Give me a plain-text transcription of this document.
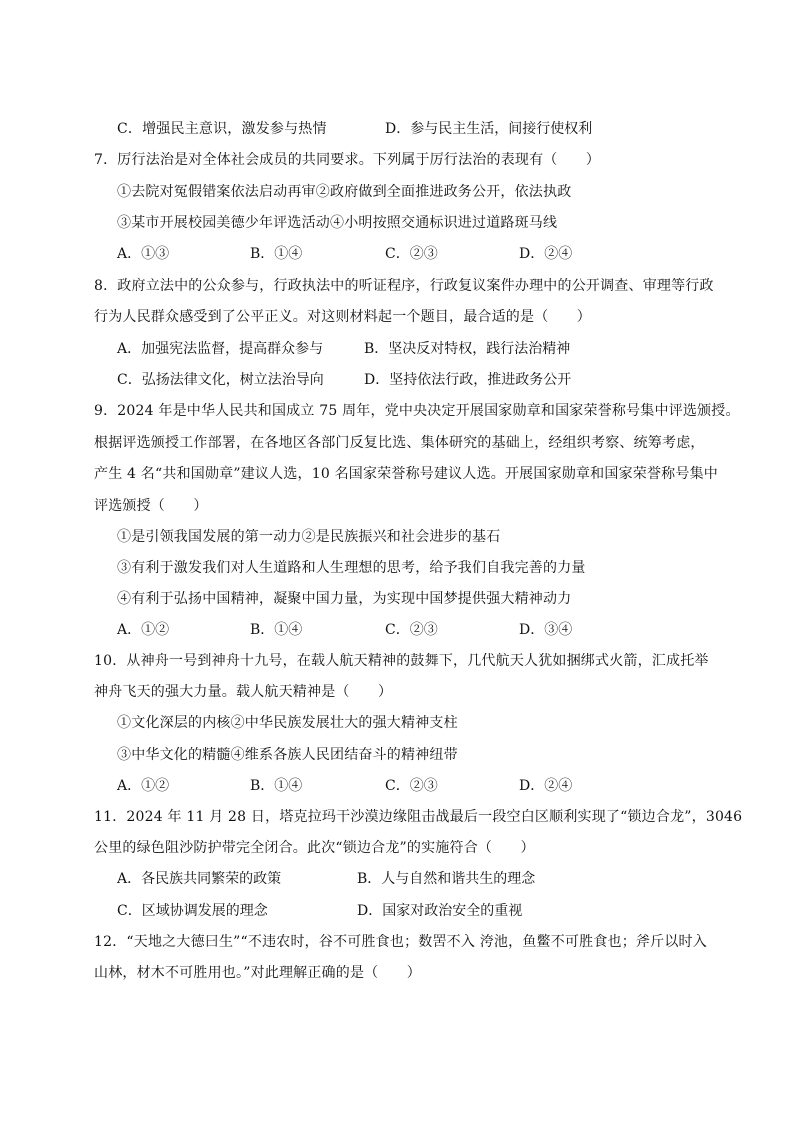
C．增强民主意识，激发参与热情	D．参与民主生活，间接行使权利
7．厉行法治是对全体社会成员的共同要求。下列属于厉行法治的表现有（　　）
①去院对冤假错案依法启动再审②政府做到全面推进政务公开，依法执政
③某市开展校园美德少年评选活动④小明按照交通标识进过道路斑马线
A．①③	B．①④	C．②③	D．②④
8．政府立法中的公众参与，行政执法中的听证程序，行政复议案件办理中的公开调查、审理等行政
行为人民群众感受到了公平正义。对这则材料起一个题目，最合适的是（　　）
A．加强宪法监督，提高群众参与	B．坚决反对特权，践行法治精神
C．弘扬法律文化，树立法治导向	D．坚持依法行政，推进政务公开
9．2024 年是中华人民共和国成立 75 周年，党中央决定开展国家勋章和国家荣誉称号集中评选颁授。
根据评选颁授工作部署，在各地区各部门反复比选、集体研究的基础上，经组织考察、统筹考虑，
产生 4 名“共和国勋章”建议人选，10 名国家荣誉称号建议人选。开展国家勋章和国家荣誉称号集中
评选颁授（　　）
①是引领我国发展的第一动力②是民族振兴和社会进步的基石
③有利于激发我们对人生道路和人生理想的思考，给予我们自我完善的力量
④有利于弘扬中国精神，凝聚中国力量，为实现中国梦提供强大精神动力
A．①②	B．①④	C．②③	D．③④
10．从神舟一号到神舟十九号，在载人航天精神的鼓舞下，几代航天人犹如捆绑式火箭，汇成托举
神舟飞天的强大力量。载人航天精神是（　　）
①文化深层的内核②中华民族发展壮大的强大精神支柱
③中华文化的精髓④维系各族人民团结奋斗的精神纽带
A．①②	B．①④	C．②③	D．②④
11．2024 年 11 月 28 日，塔克拉玛干沙漠边缘阻击战最后一段空白区顺利实现了“锁边合龙”，3046
公里的绿色阻沙防护带完全闭合。此次“锁边合龙”的实施符合（　　）
A．各民族共同繁荣的政策	B．人与自然和谐共生的理念
C．区域协调发展的理念	D．国家对政治安全的重视
12．“天地之大德曰生”“不违农时，谷不可胜食也；数罟不入 洿池，鱼鳖不可胜食也；斧斤以时入
山林，材木不可胜用也。”对此理解正确的是（　　）
